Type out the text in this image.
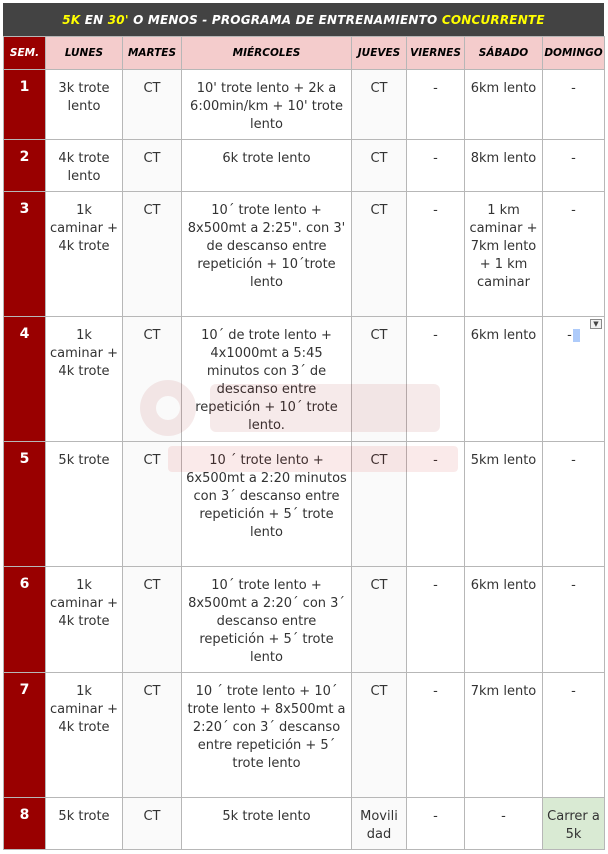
5K EN 30' O MENOS - PROGRAMA DE ENTRENAMIENTO CONCURRENTE
SEM.	LUNES	MARTES	MIÉRCOLES	JUEVES	VIERNES	SÁBADO	DOMINGO
1	3k trote lento	CT	10' trote lento + 2k a 6:00min/km + 10' trote lento	CT	-	6km lento	-
2	4k trote lento	CT	6k trote lento	CT	-	8km lento	-
3	1k caminar + 4k trote	CT	10´ trote lento + 8x500mt a 2:25". con 3' de descanso entre repetición + 10´trote lento	CT	-	1 km caminar + 7km lento + 1 km caminar	-
4	1k caminar + 4k trote	CT	10´ de trote lento + 4x1000mt a 5:45 minutos con 3´ de descanso entre repetición + 10´ trote lento.	CT	-	6km lento	-
▼

5	5k trote	CT	10 ´ trote lento + 6x500mt a 2:20 minutos con 3´ descanso entre repetición + 5´ trote lento	CT	-	5km lento	-
6	1k caminar + 4k trote	CT	10´ trote lento + 8x500mt a 2:20´ con 3´ descanso entre repetición + 5´ trote lento	CT	-	6km lento	-
7	1k caminar + 4k trote	CT	10 ´ trote lento + 10´ trote lento + 8x500mt a 2:20´ con 3´ descanso entre repetición + 5´ trote lento	CT	-	7km lento	-
8	5k trote	CT	5k trote lento	Movili dad	-	-	Carrer a 5k
